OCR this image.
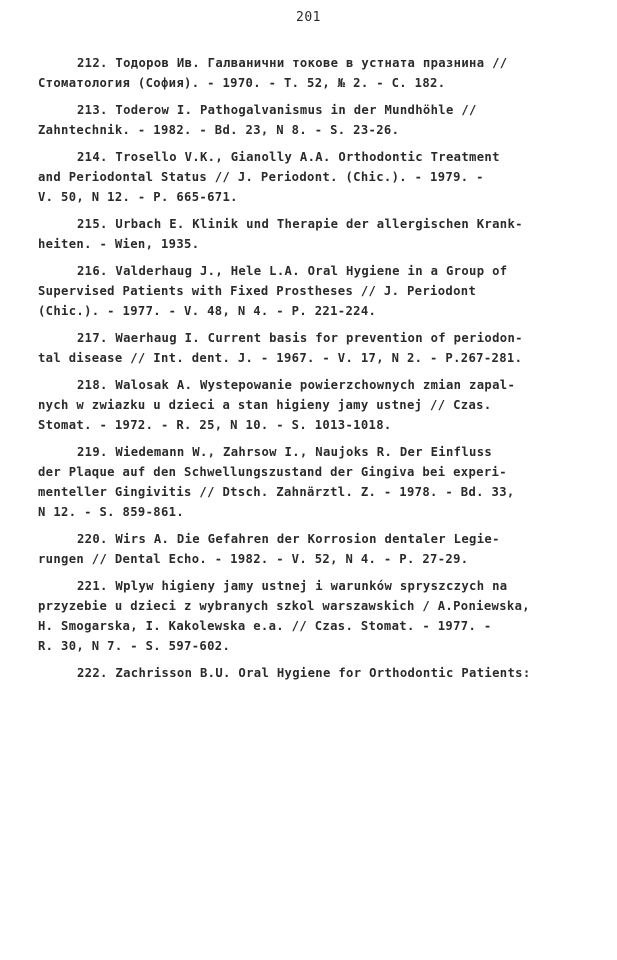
201
212. Тодоров Ив. Галванични токове в устната празнина //
Стоматология (София). - 1970. - Т. 52, № 2. - С. 182.
213. Toderow I. Pathogalvanismus in der Mundhöhle //
Zahntechnik. - 1982. - Bd. 23, N 8. - S. 23-26.
214. Trosello V.K., Gianolly A.A. Orthodontic Treatment
and Periodontal Status // J. Periodont. (Chic.). - 1979. -
V. 50, N 12. - P. 665-671.
215. Urbach E. Klinik und Therapie der allergischen Krank-
heiten. - Wien, 1935.
216. Valderhaug J., Hele L.A. Oral Hygiene in a Group of
Supervised Patients with Fixed Prostheses // J. Periodont
(Chic.). - 1977. - V. 48, N 4. - P. 221-224.
217. Waerhaug I. Current basis for prevention of periodon-
tal disease // Int. dent. J. - 1967. - V. 17, N 2. - P.267-281.
218. Walosak A. Wystepowanie powierzchownych zmian zapal-
nych w zwiazku u dzieci a stan higieny jamy ustnej // Czas.
Stomat. - 1972. - R. 25, N 10. - S. 1013-1018.
219. Wiedemann W., Zahrsow I., Naujoks R. Der Einfluss
der Plaque auf den Schwellungszustand der Gingiva bei experi-
menteller Gingivitis // Dtsch. Zahnärztl. Z. - 1978. - Bd. 33,
N 12. - S. 859-861.
220. Wirs A. Die Gefahren der Korrosion dentaler Legie-
rungen // Dental Echo. - 1982. - V. 52, N 4. - P. 27-29.
221. Wplyw higieny jamy ustnej i warunków spryszczych na
przyzebie u dzieci z wybranych szkol warszawskich / A.Poniewska,
H. Smogarska, I. Kakolewska e.a. // Czas. Stomat. - 1977. -
R. 30, N 7. - S. 597-602.
222. Zachrisson B.U. Oral Hygiene for Orthodontic Patients:
